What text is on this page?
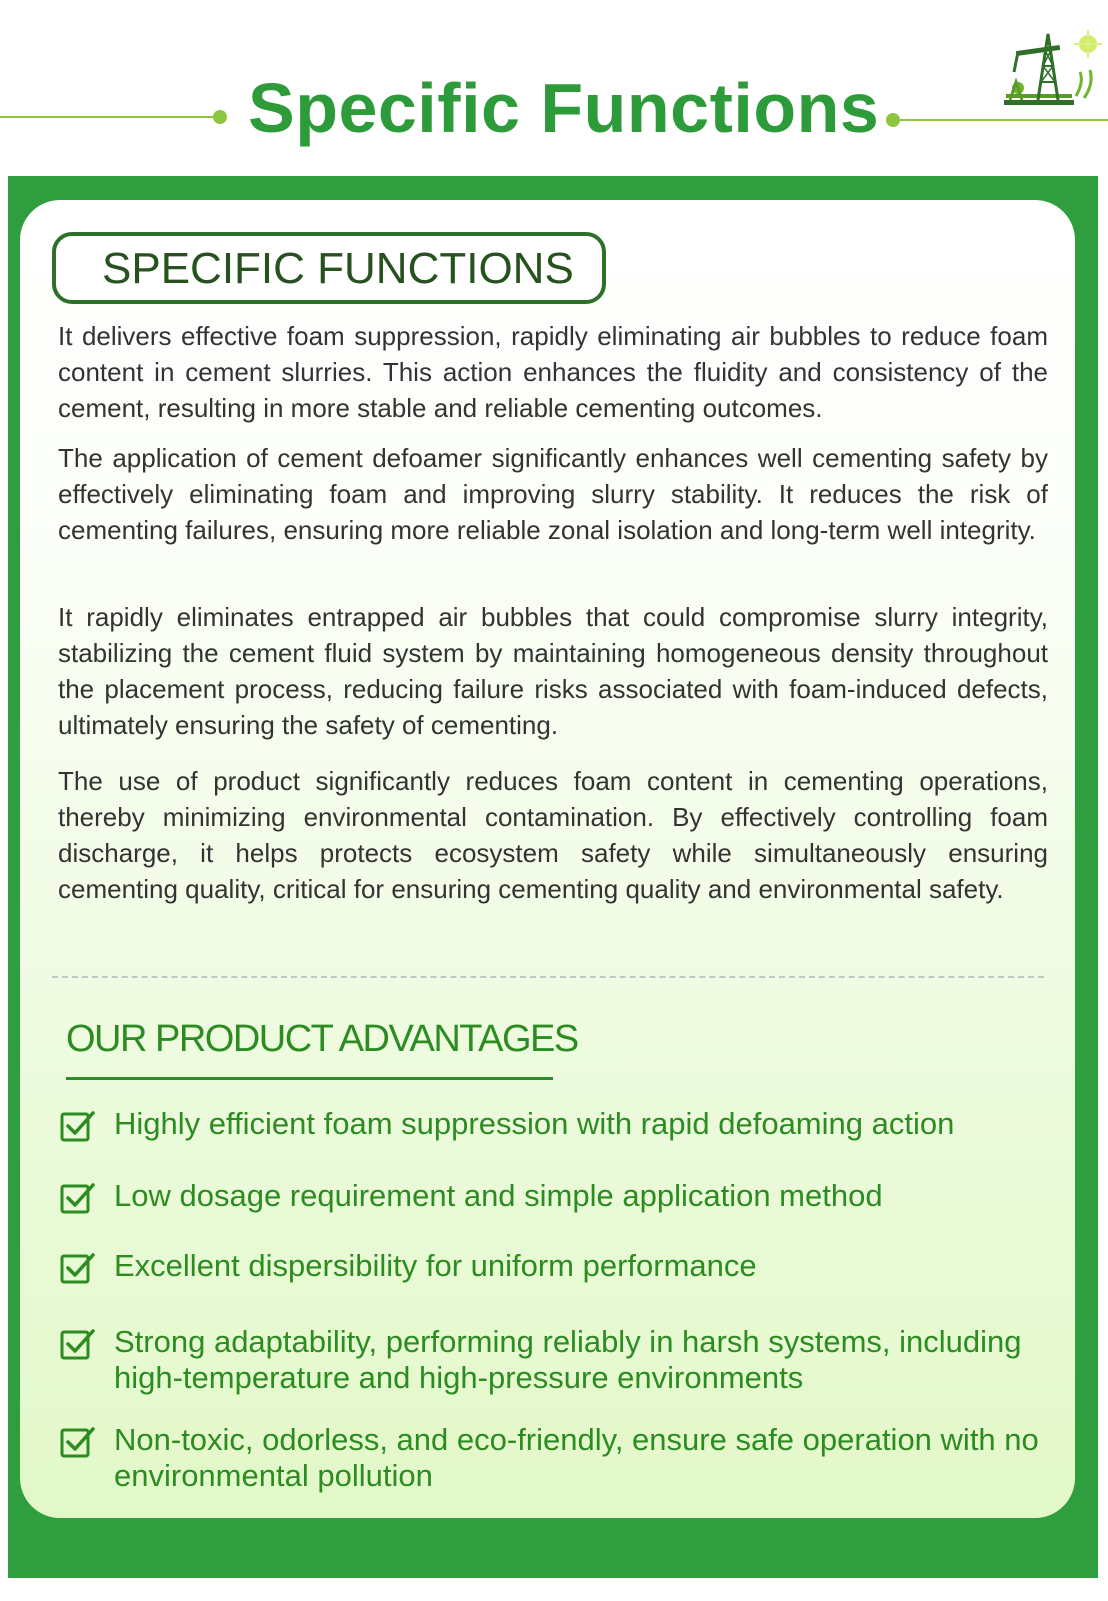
Specific Functions
SPECIFIC FUNCTIONS

It delivers effective foam suppression, rapidly eliminating air bubbles to reduce foam content in cement slurries. This action enhances the fluidity and consistency of the cement, resulting in more stable and reliable cementing outcomes.

The application of cement defoamer significantly enhances well cementing safety by effectively eliminating foam and improving slurry stability. It reduces the risk of cementing failures, ensuring more reliable zonal isolation and long-term well integrity.

It rapidly eliminates entrapped air bubbles that could compromise slurry integrity, stabilizing the cement fluid system by maintaining homogeneous density throughout the placement process, reducing failure risks associated with foam-induced defects, ultimately ensuring the safety of cementing.

The use of product significantly reduces foam content in cementing operations, thereby minimizing environmental contamination. By effectively controlling foam discharge, it helps protects ecosystem safety while simultaneously ensuring cementing quality, critical for ensuring cementing quality and environmental safety.

OUR PRODUCT ADVANTAGES
Highly efficient foam suppression with rapid defoaming action
Low dosage requirement and simple application method
Excellent dispersibility for uniform performance
Strong adaptability, performing reliably in harsh systems, including high-temperature and high-pressure environments
Non-toxic, odorless, and eco-friendly, ensure safe operation with no environmental pollution
